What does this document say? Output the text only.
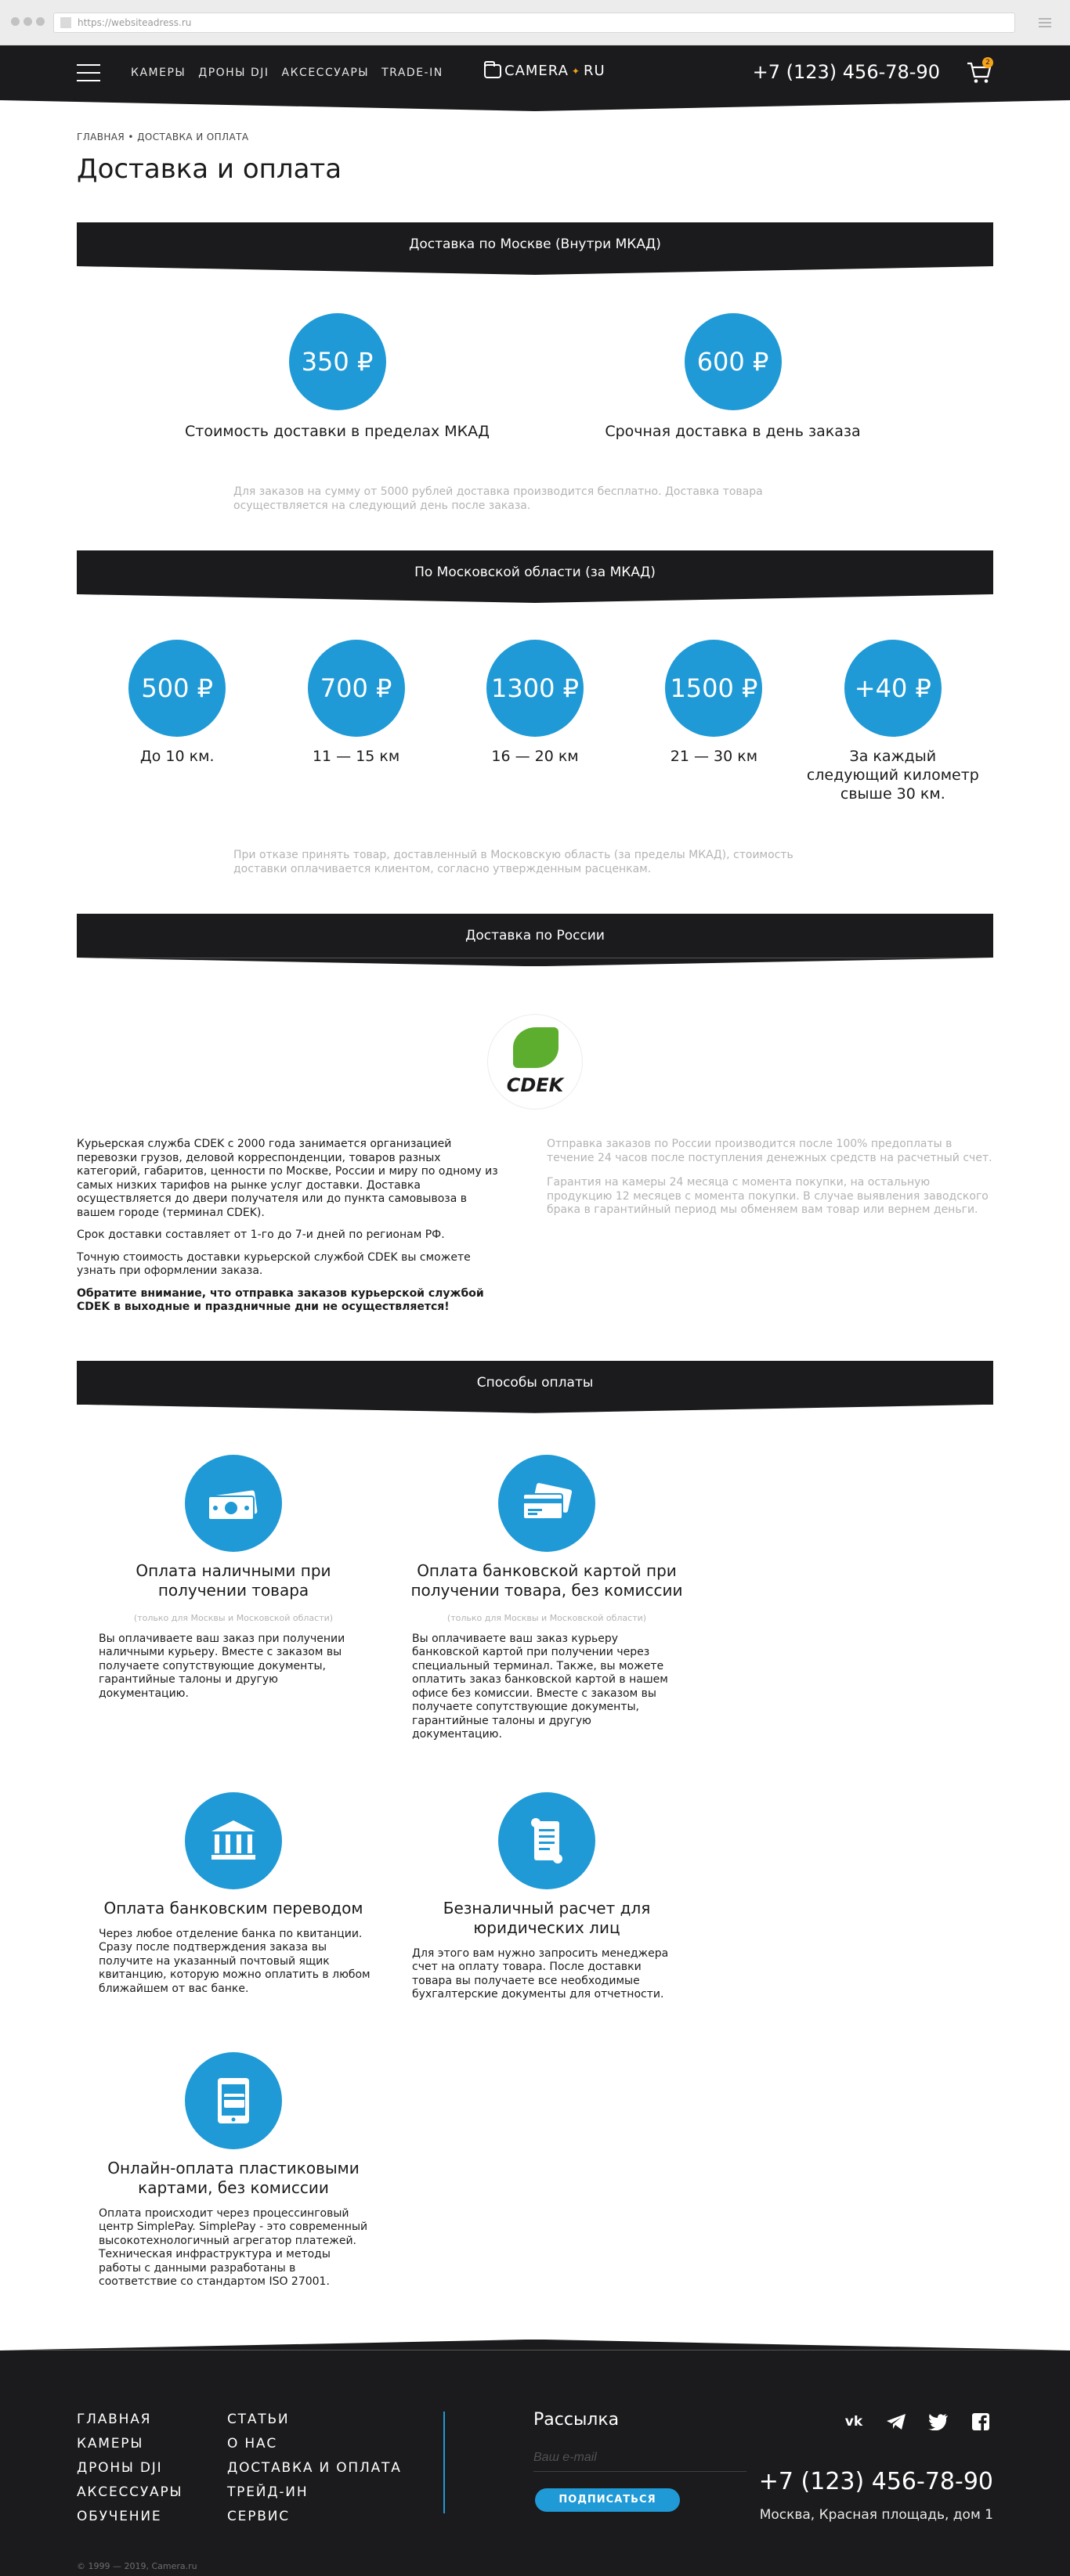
https://websiteadress.ru
КАМЕРЫ ДРОНЫ DJI АКСЕССУАРЫ TRADE-IN	CAMERA ✦ RU	+7 (123) 456-78-90	2
ГЛАВНАЯ • ДОСТАВКА И ОПЛАТА
Доставка и оплата
Доставка по Москве (Внутри МКАД)
350 ₽
Стоимость доставки в пределах МКАД
600 ₽
Срочная доставка в день заказа

Для заказов на сумму от 5000 рублей доставка производится бесплатно. Доставка товара осуществляется на следующий день после заказа.

По Московской области (за МКАД)
500 ₽
До 10 км.
700 ₽
11 — 15 км
1300 ₽
16 — 20 км
1500 ₽
21 — 30 км
+40 ₽
За каждый следующий километр свыше 30 км.

При отказе принять товар, доставленный в Московскую область (за пределы МКАД), стоимость доставки оплачивается клиентом, согласно утвержденным расценкам.

Доставка по России
CDEK

Курьерская служба CDEK с 2000 года занимается организацией перевозки грузов, деловой корреспонденции, товаров разных категорий, габаритов, ценности по Москве, России и миру по одному из самых низких тарифов на рынке услуг доставки. Доставка осуществляется до двери получателя или до пункта самовывоза в вашем городе (терминал CDEK).

Срок доставки составляет от 1-го до 7-и дней по регионам РФ.

Точную стоимость доставки курьерской службой CDEK вы сможете узнать при оформлении заказа.

Обратите внимание, что отправка заказов курьерской службой CDEK в выходные и праздничные дни не осуществляется!

Отправка заказов по России производится после 100% предоплаты в течение 24 часов после поступления денежных средств на расчетный счет.

Гарантия на камеры 24 месяца с момента покупки, на остальную продукцию 12 месяцев с момента покупки. В случае выявления заводского брака в гарантийный период мы обменяем вам товар или вернем деньги.

Способы оплаты
Оплата наличными при получении товара
(только для Москвы и Московской области)
Вы оплачиваете ваш заказ при получении наличными курьеру. Вместе с заказом вы получаете сопутствующие документы, гарантийные талоны и другую документацию.
Оплата банковской картой при получении товара, без комиссии
(только для Москвы и Московской области)
Вы оплачиваете ваш заказ курьеру банковской картой при получении через специальный терминал. Также, вы можете оплатить заказ банковской картой в нашем офисе без комиссии. Вместе с заказом вы получаете сопутствующие документы, гарантийные талоны и другую документацию.
Оплата банковским переводом
Через любое отделение банка по квитанции. Сразу после подтверждения заказа вы получите на указанный почтовый ящик квитанцию, которую можно оплатить в любом ближайшем от вас банке.
Безналичный расчет для юридических лиц
Для этого вам нужно запросить менеджера счет на оплату товара. После доставки товара вы получаете все необходимые бухгалтерские документы для отчетности.
Онлайн-оплата пластиковыми картами, без комиссии
Оплата происходит через процессинговый центр SimplePay. SimplePay - это современный высокотехнологичный агрегатор платежей. Техническая инфраструктура и методы работы с данными разработаны в соответствие со стандартом ISO 27001.
ГЛАВНАЯ
КАМЕРЫ
ДРОНЫ DJI
АКСЕССУАРЫ
ОБУЧЕНИЕ
СТАТЬИ
О НАС
ДОСТАВКА И ОПЛАТА
ТРЕЙД-ИН
СЕРВИС
Рассылка
Ваш e-mail
ПОДПИСАТЬСЯ
vk
+7 (123) 456-78-90
Москва, Красная площадь, дом 1
© 1999 — 2019, Camera.ru
